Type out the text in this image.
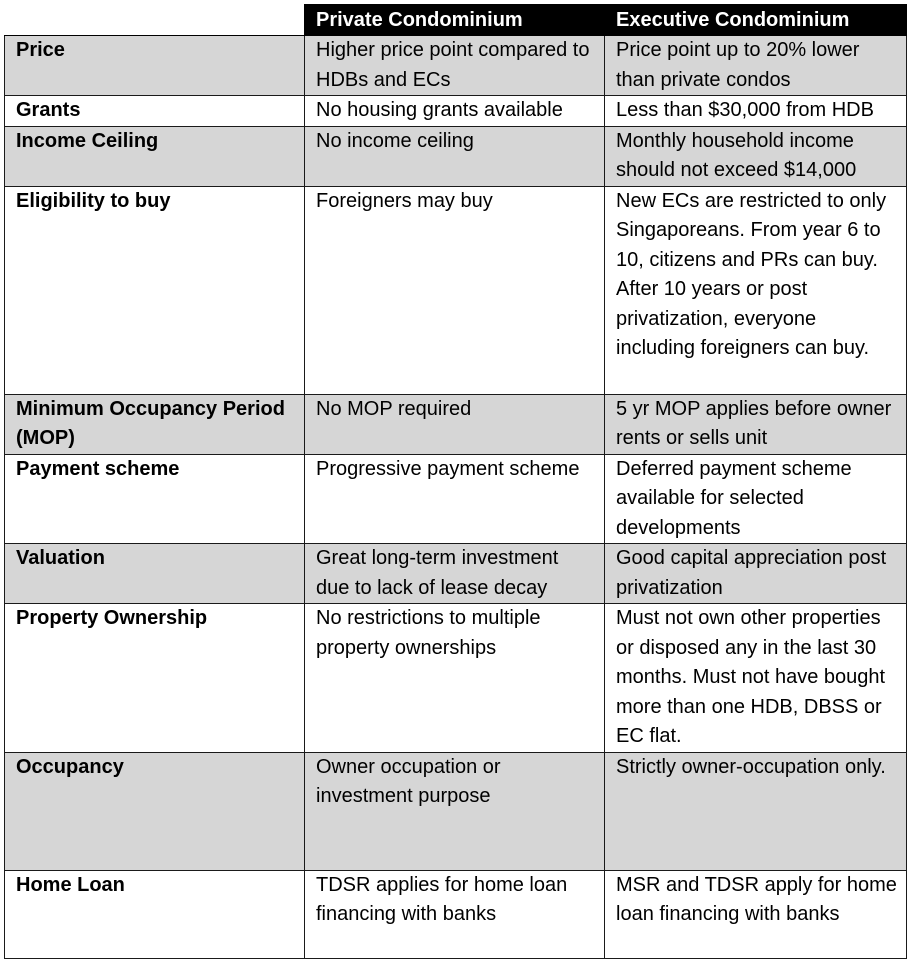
	Private Condominium	Executive Condominium
Price	Higher price point compared to HDBs and ECs	Price point up to 20% lower than private condos
Grants	No housing grants available	Less than $30,000 from HDB
Income Ceiling	No income ceiling	Monthly household income should not exceed $14,000
Eligibility to buy	Foreigners may buy	New ECs are restricted to only Singaporeans. From year 6 to 10, citizens and PRs can buy. After 10 years or post privatization, everyone including foreigners can buy.
Minimum Occupancy Period (MOP)	No MOP required	5 yr MOP applies before owner rents or sells unit
Payment scheme	Progressive payment scheme	Deferred payment scheme available for selected developments
Valuation	Great long-term investment due to lack of lease decay	Good capital appreciation post privatization
Property Ownership	No restrictions to multiple property ownerships	Must not own other properties or disposed any in the last 30 months. Must not have bought more than one HDB, DBSS or EC flat.
Occupancy	Owner occupation or investment purpose	Strictly owner-occupation only.
Home Loan	TDSR applies for home loan financing with banks	MSR and TDSR apply for home loan financing with banks
